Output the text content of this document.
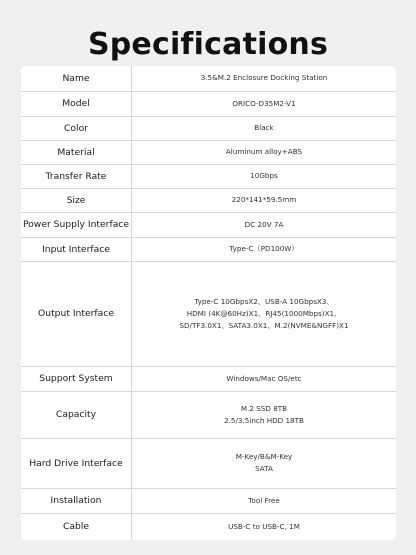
Specifications
Name	3.5&M.2 Enclosure Docking Station

Model	ORICO-D35M2-V1

Color	Black

Material	Aluminum alloy+ABS

Transfer Rate	10Gbps

Size	220*141*59.5mm

Power Supply Interface	DC 20V 7A

Input Interface	Type-C（PD100W）

Output Interface	Type-C 10GbpsX2、USB-A 10GbpsX3、
HDMI (4K@60Hz)X1、RJ45(1000Mbps)X1、
SD/TF3.0X1、SATA3.0X1、M.2(NVME&NGFF)X1

Support System	Windows/Mac OS/etc

Capacity	M.2 SSD 8TB
2.5/3.5inch HDD 18TB

Hard Drive Interface	M-Key/B&M-Key
SATA

Installation	Tool Free

Cable	USB-C to USB-C, 1M
